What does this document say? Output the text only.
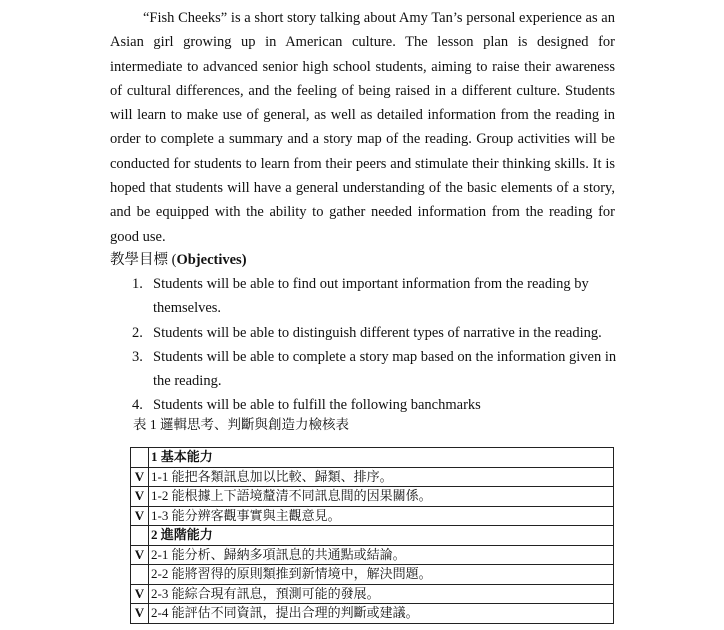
“Fish Cheeks” is a short story talking about Amy Tan’s personal experience as an Asian girl growing up in American culture. The lesson plan is designed for intermediate to advanced senior high school students, aiming to raise their awareness of cultural differences, and the feeling of being raised in a different culture. Students will learn to make use of general, as well as detailed information from the reading in order to complete a summary and a story map of the reading. Group activities will be conducted for students to learn from their peers and stimulate their thinking skills. It is hoped that students will have a general understanding of the basic elements of a story, and be equipped with the ability to gather needed information from the reading for good use.

教學目標 (Objectives)
1. Students will be able to find out important information from the reading by themselves.
2. Students will be able to distinguish different types of narrative in the reading.
3. Students will be able to complete a story map based on the information given in the reading.
4. Students will be able to fulfill the following banchmarks

表 1 邏輯思考、判斷與創造力檢核表

	1 基本能力
V	1-1 能把各類訊息加以比較、歸類、排序。
V	1-2 能根據上下語境釐清不同訊息間的因果關係。
V	1-3 能分辨客觀事實與主觀意見。
	2 進階能力
V	2-1 能分析、歸納多項訊息的共通點或結論。
	2-2 能將習得的原則類推到新情境中，解決問題。
V	2-3 能綜合現有訊息，預測可能的發展。
V	2-4 能評估不同資訊，提出合理的判斷或建議。
